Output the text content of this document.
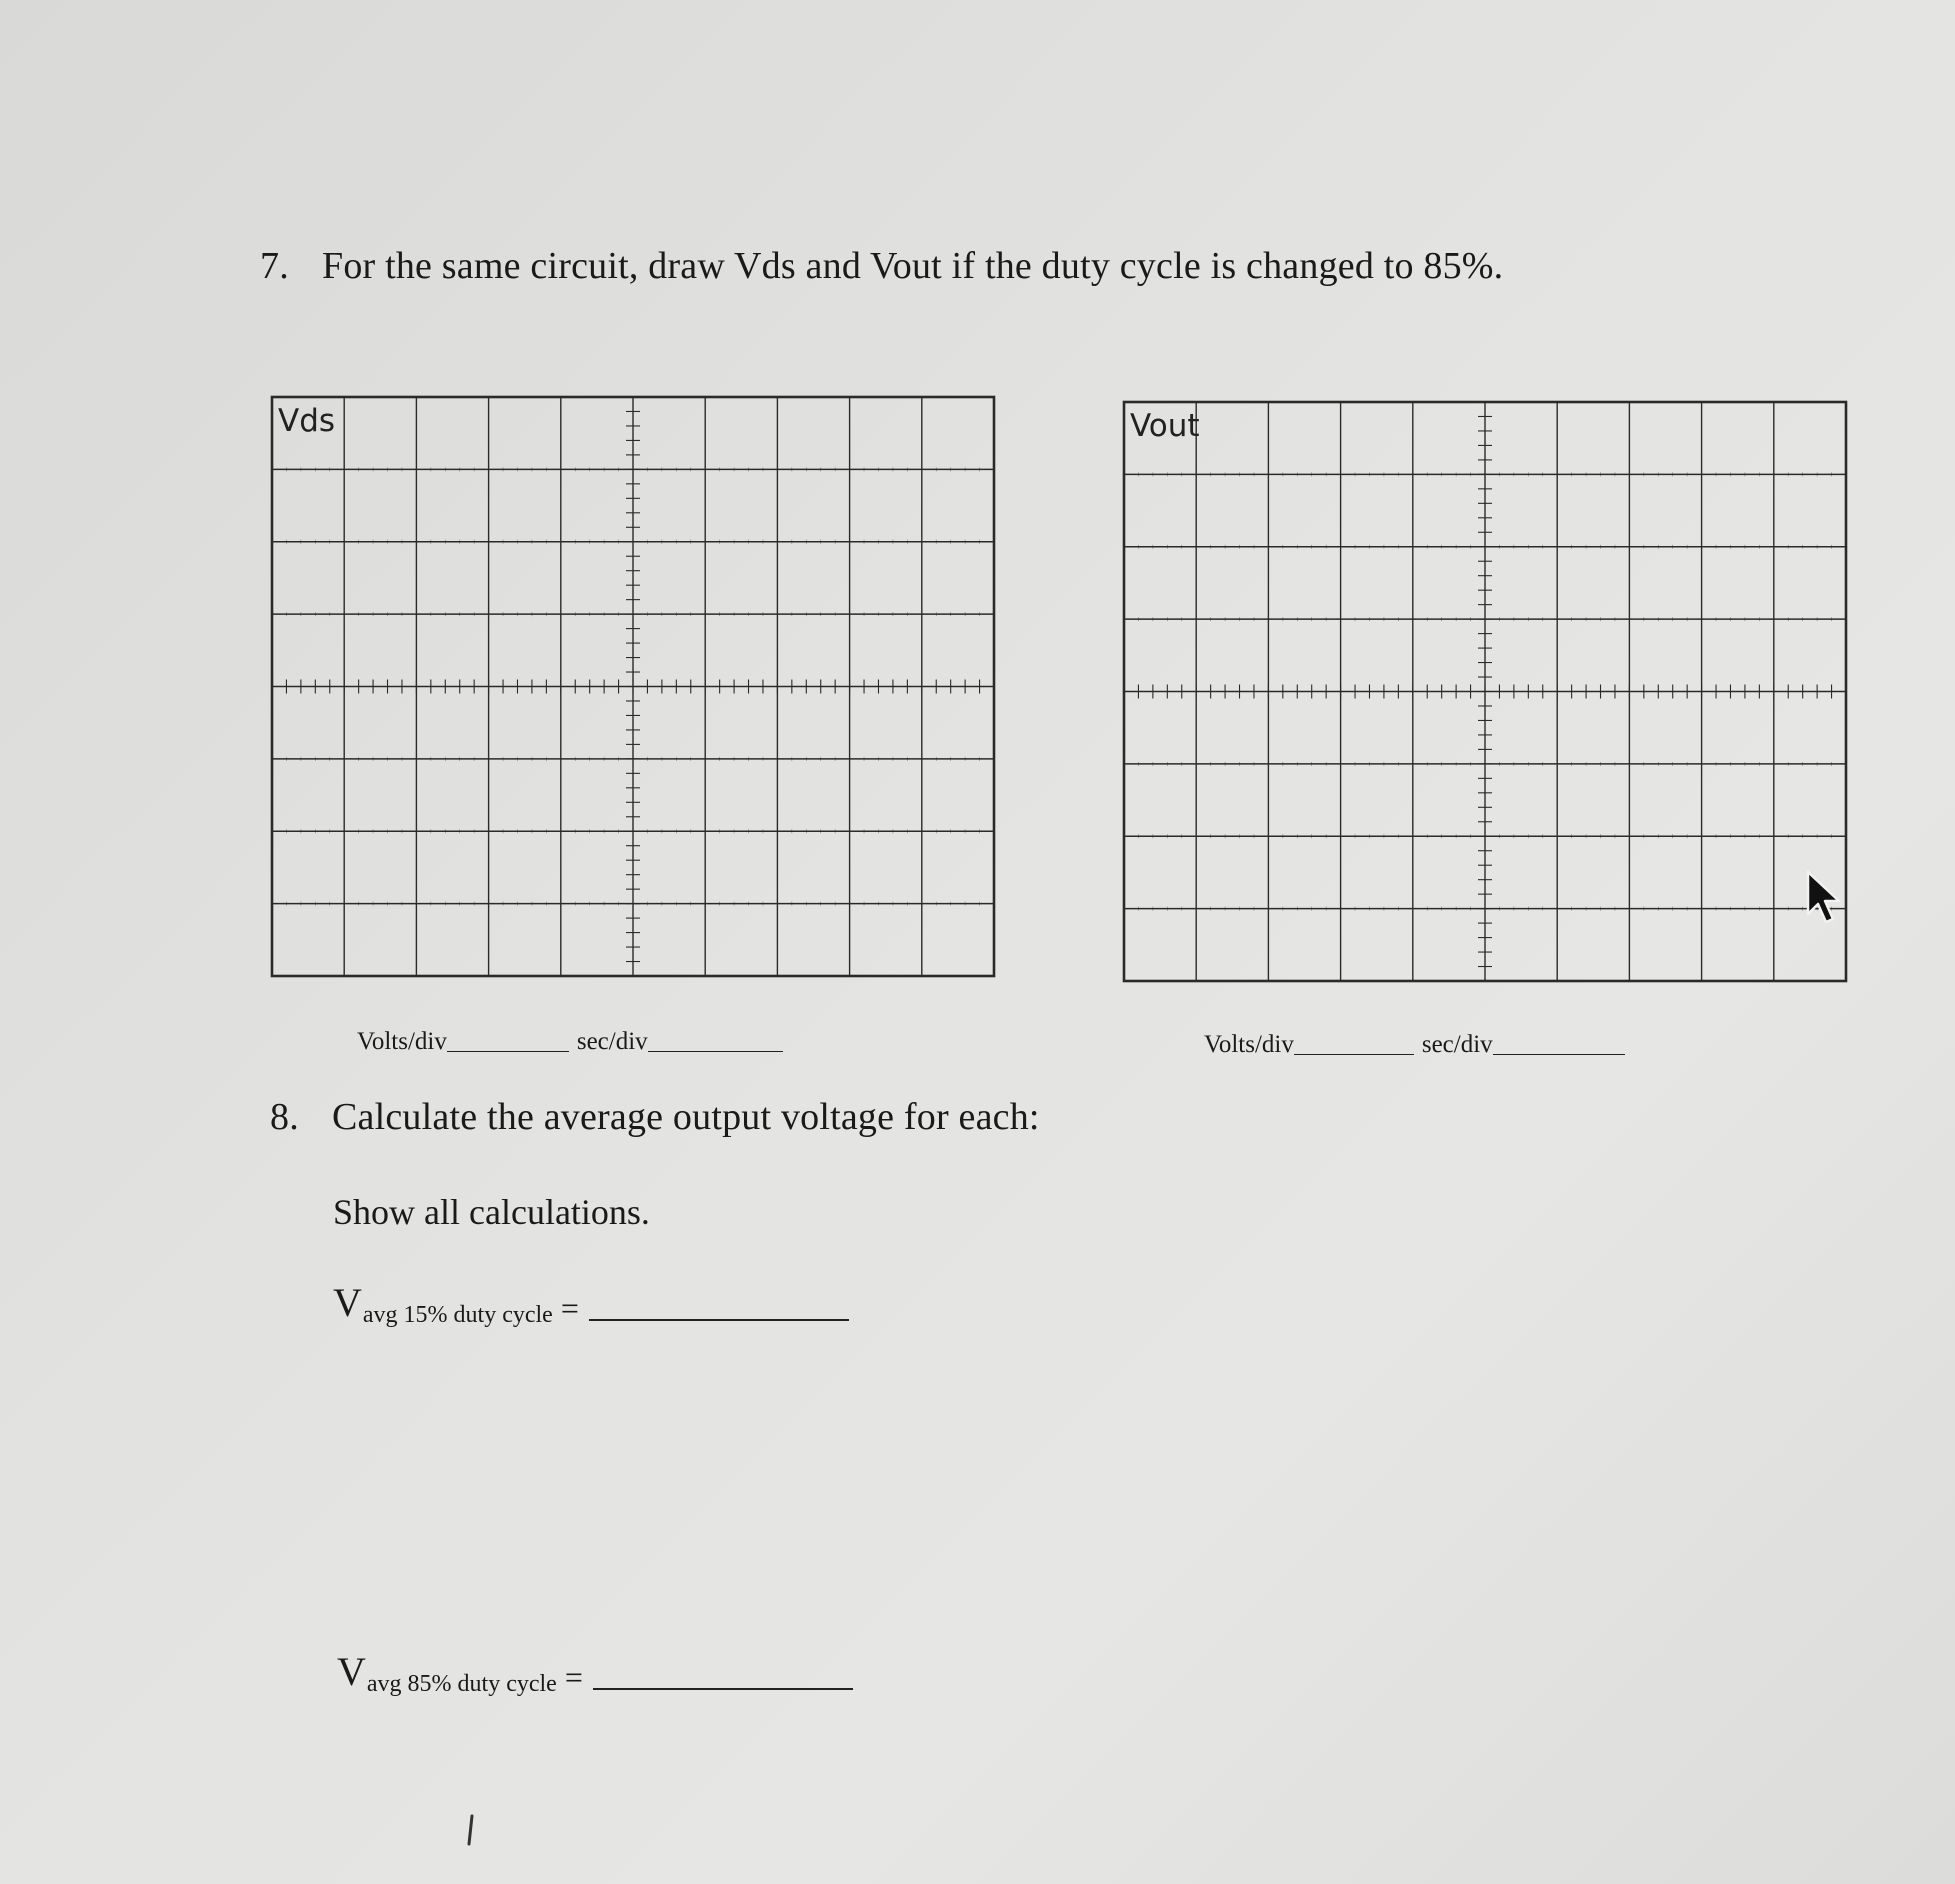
7. For the same circuit, draw Vds and Vout if the duty cycle is changed to 85%.
Vds	Vout
Volts/div	sec/div	Volts/div	sec/div
8. Calculate the average output voltage for each:
Show all calculations.
V avg 15% duty cycle =
V avg 85% duty cycle =
